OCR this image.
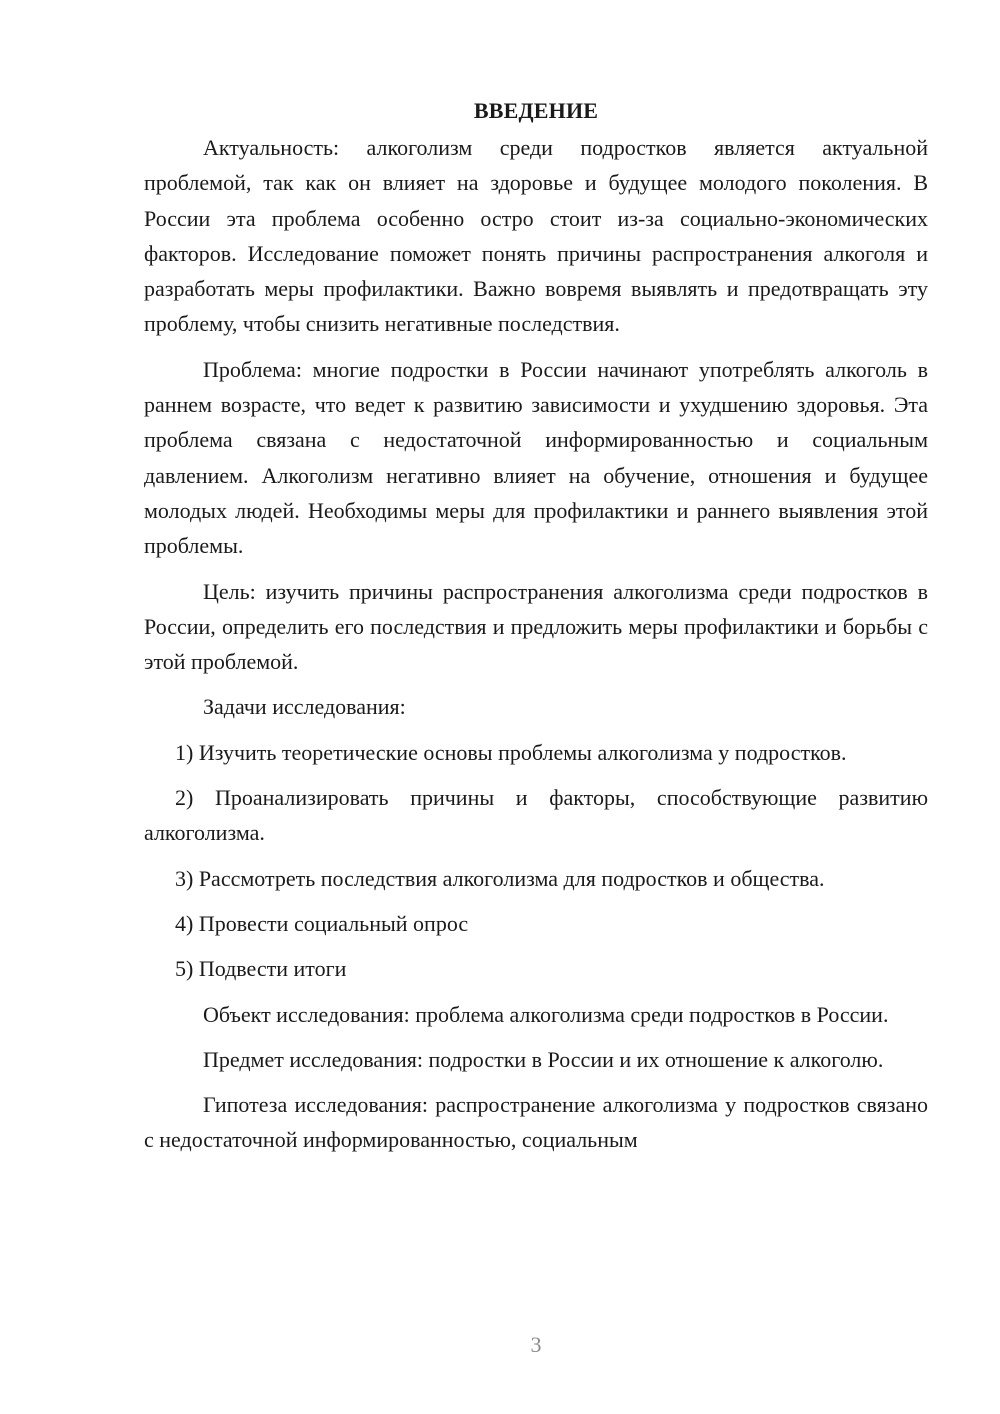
ВВЕДЕНИЕ

Актуальность: алкоголизм среди подростков является актуальной проблемой, так как он влияет на здоровье и будущее молодого поколения. В России эта проблема особенно остро стоит из-за социально-экономических факторов. Исследование поможет понять причины распространения алкоголя и разработать меры профилактики. Важно вовремя выявлять и предотвращать эту проблему, чтобы снизить негативные последствия.

Проблема: многие подростки в России начинают употреблять алкоголь в раннем возрасте, что ведет к развитию зависимости и ухудшению здоровья. Эта проблема связана с недостаточной информированностью и социальным давлением. Алкоголизм негативно влияет на обучение, отношения и будущее молодых людей. Необходимы меры для профилактики и раннего выявления этой проблемы.

Цель: изучить причины распространения алкоголизма среди подростков в России, определить его последствия и предложить меры профилактики и борьбы с этой проблемой.

Задачи исследования:

1) Изучить теоретические основы проблемы алкоголизма у подростков.

2) Проанализировать причины и факторы, способствующие развитию алкоголизма.

3) Рассмотреть последствия алкоголизма для подростков и общества.

4) Провести социальный опрос

5) Подвести итоги

Объект исследования: проблема алкоголизма среди подростков в России.

Предмет исследования: подростки в России и их отношение к алкоголю.

Гипотеза исследования: распространение алкоголизма у подростков связано с недостаточной информированностью, социальным

3
